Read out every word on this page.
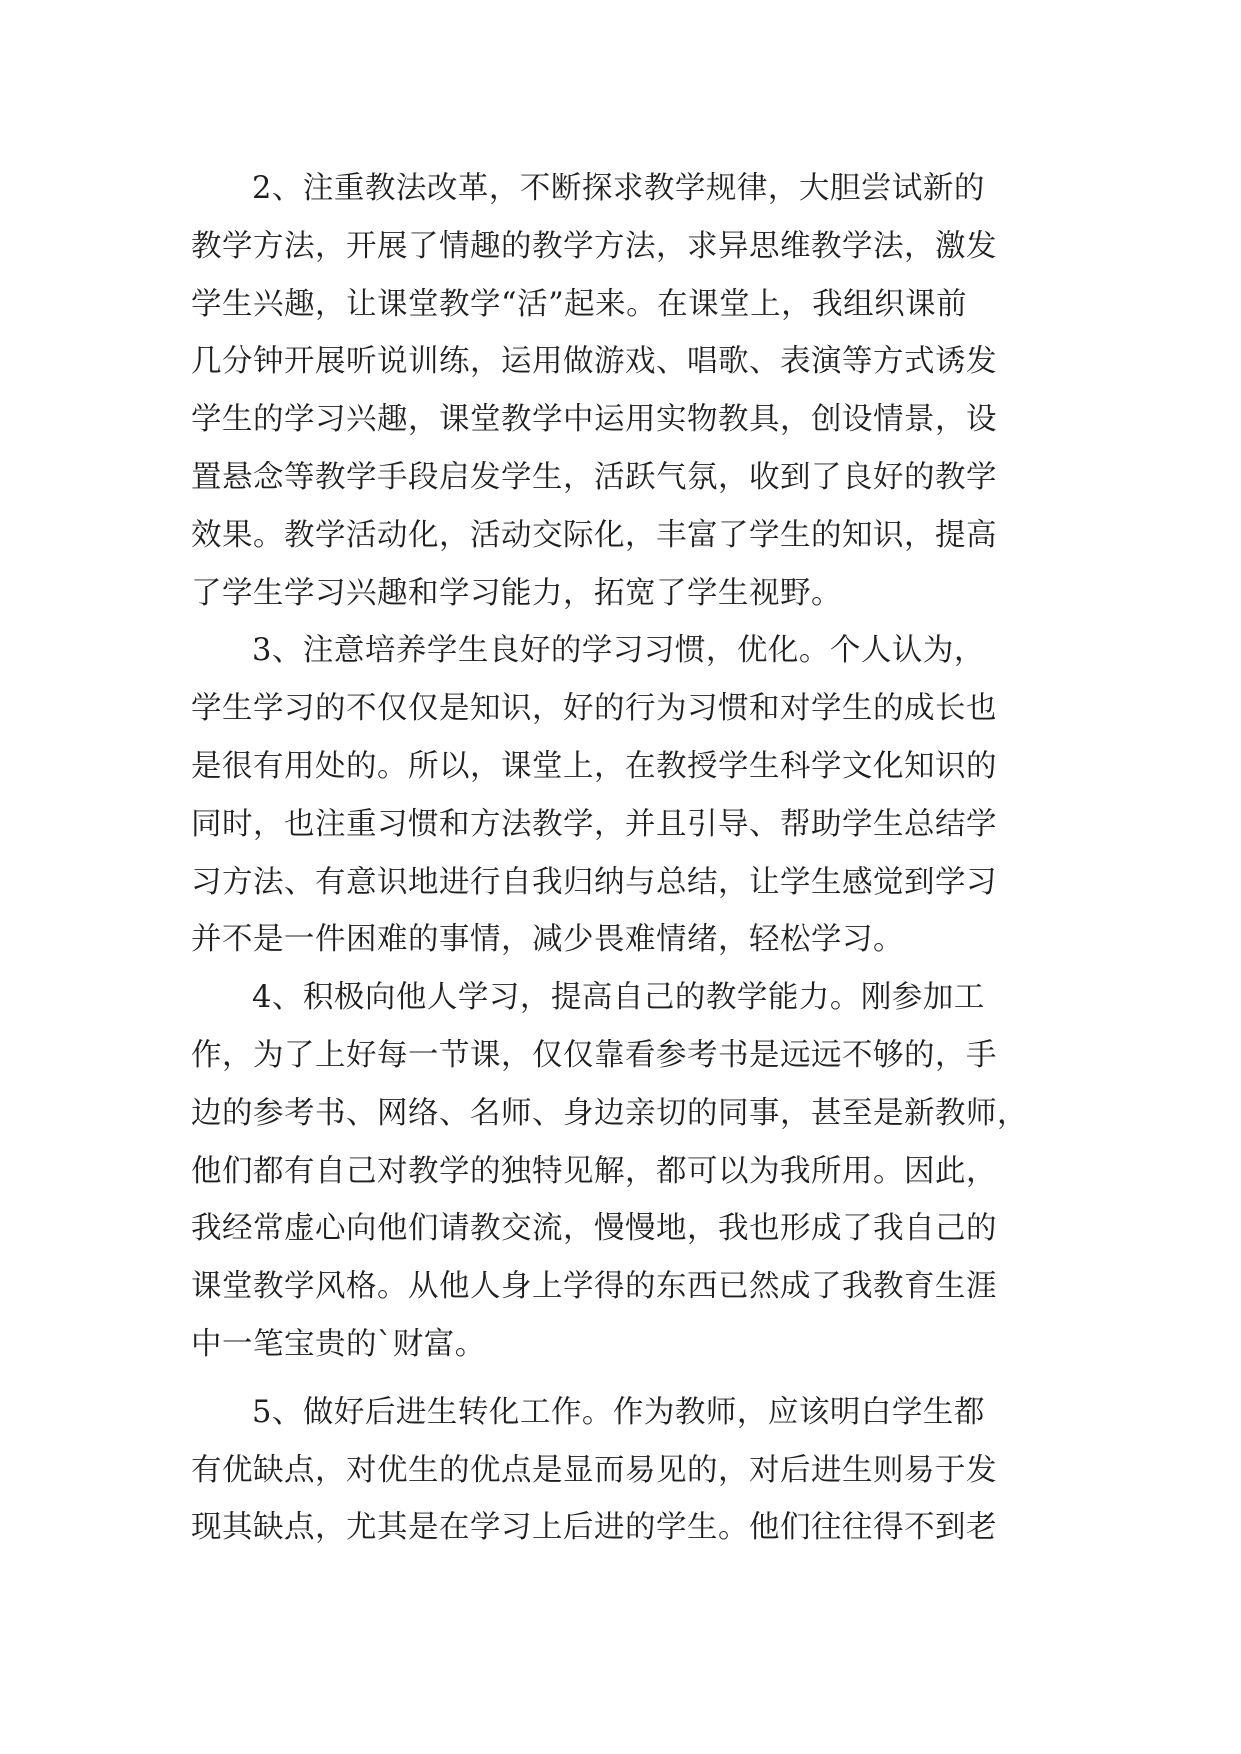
2、注重教法改革，不断探求教学规律，大胆尝试新的
教学方法，开展了情趣的教学方法，求异思维教学法，激发
学生兴趣，让课堂教学“活”起来。在课堂上，我组织课前
几分钟开展听说训练，运用做游戏、唱歌、表演等方式诱发
学生的学习兴趣，课堂教学中运用实物教具，创设情景，设
置悬念等教学手段启发学生，活跃气氛，收到了良好的教学
效果。教学活动化，活动交际化，丰富了学生的知识，提高
了学生学习兴趣和学习能力，拓宽了学生视野。
3、注意培养学生良好的学习习惯，优化。个人认为，
学生学习的不仅仅是知识，好的行为习惯和对学生的成长也
是很有用处的。所以，课堂上，在教授学生科学文化知识的
同时，也注重习惯和方法教学，并且引导、帮助学生总结学
习方法、有意识地进行自我归纳与总结，让学生感觉到学习
并不是一件困难的事情，减少畏难情绪，轻松学习。
4、积极向他人学习，提高自己的教学能力。刚参加工
作，为了上好每一节课，仅仅靠看参考书是远远不够的，手
边的参考书、网络、名师、身边亲切的同事，甚至是新教师，
他们都有自己对教学的独特见解，都可以为我所用。因此，
我经常虚心向他们请教交流，慢慢地，我也形成了我自己的
课堂教学风格。从他人身上学得的东西已然成了我教育生涯
中一笔宝贵的`财富。
5、做好后进生转化工作。作为教师，应该明白学生都
有优缺点，对优生的优点是显而易见的，对后进生则易于发
现其缺点，尤其是在学习上后进的学生。他们往往得不到老
